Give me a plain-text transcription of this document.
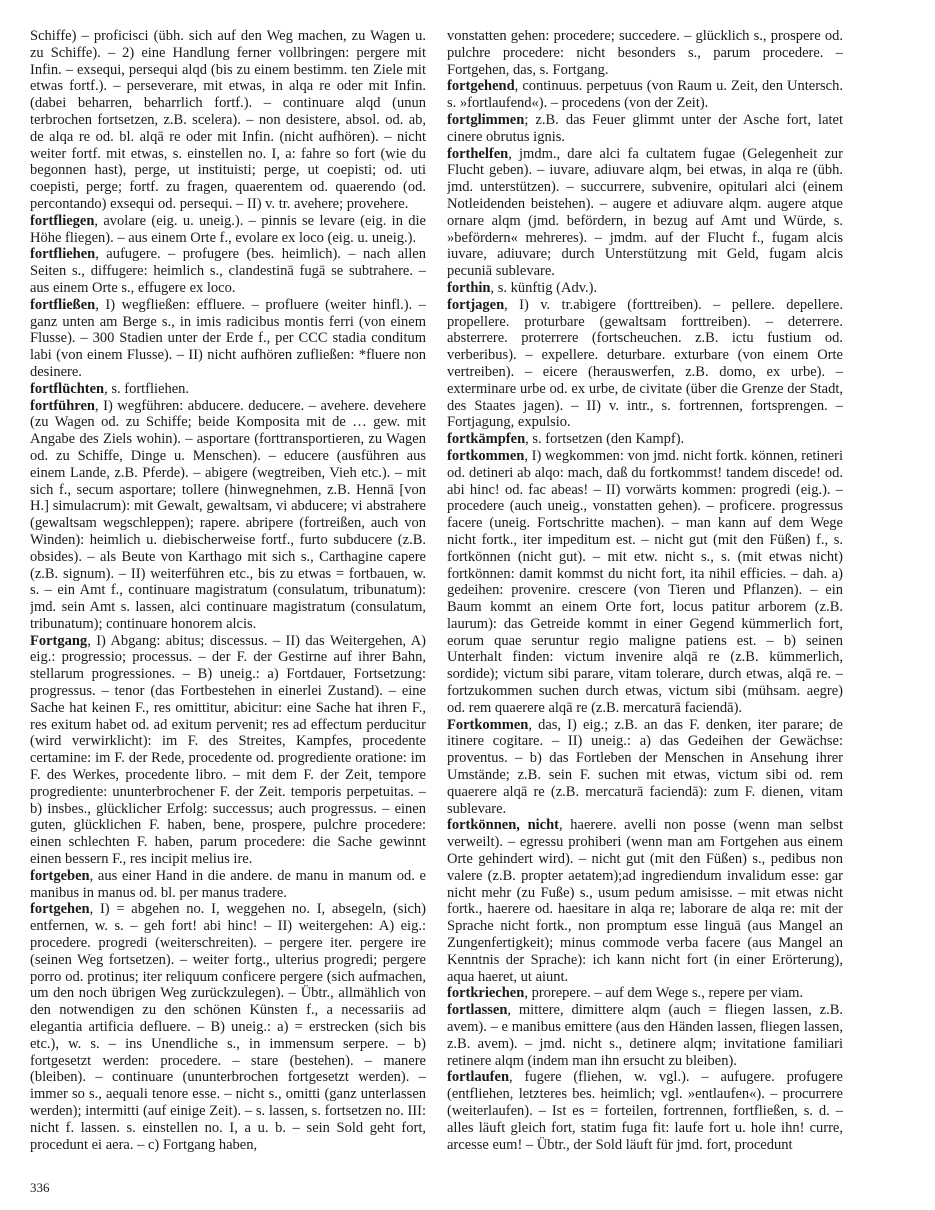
Schiffe) – proficisci (übh. sich auf den Weg machen, zu Wagen u. zu Schiffe). – 2) eine Handlung ferner vollbringen: pergere mit Infin. – exsequi, persequi alqd (bis zu einem bestimm. ten Ziele mit etwas fortf.). – perseverare, mit etwas, in alqa re oder mit Infin. (dabei beharren, beharrlich fortf.). – continuare alqd (unun terbrochen fortsetzen, z.B. scelera). – non desistere, absol. od. ab, de alqa re od. bl. alqā re oder mit Infin. (nicht aufhören). – nicht weiter fortf. mit etwas, s. einstellen no. I, a: fahre so fort (wie du begonnen hast), perge, ut instituisti; perge, ut coepisti; od. uti coepisti, perge; fortf. zu fragen, quaerentem od. quaerendo (od. percontando) exsequi od. persequi. – II) v. tr. avehere; provehere.

fortfliegen, avolare (eig. u. uneig.). – pinnis se levare (eig. in die Höhe fliegen). – aus einem Orte f., evolare ex loco (eig. u. uneig.).

fortfliehen, aufugere. – profugere (bes. heimlich). – nach allen Seiten s., diffugere: heimlich s., clandestinā fugā se subtrahere. – aus einem Orte s., effugere ex loco.

fortfließen, I) wegfließen: effluere. – profluere (weiter hinfl.). – ganz unten am Berge s., in imis radicibus montis ferri (von einem Flusse). – 300 Stadien unter der Erde f., per CCC stadia conditum labi (von einem Flusse). – II) nicht aufhören zufließen: *fluere non desinere.

fortflüchten, s. fortfliehen.

fortführen, I) wegführen: abducere. deducere. – avehere. devehere (zu Wagen od. zu Schiffe; beide Komposita mit de … gew. mit Angabe des Ziels wohin). – asportare (forttransportieren, zu Wagen od. zu Schiffe, Dinge u. Menschen). – educere (ausführen aus einem Lande, z.B. Pferde). – abigere (wegtreiben, Vieh etc.). – mit sich f., secum asportare; tollere (hinwegnehmen, z.B. Hennā [von H.] simulacrum): mit Gewalt, gewaltsam, vi abducere; vi abstrahere (gewaltsam wegschleppen); rapere. abripere (fortreißen, auch von Winden): heimlich u. diebischerweise fortf., furto subducere (z.B. obsides). – als Beute von Karthago mit sich s., Carthagine capere (z.B. signum). – II) weiterführen etc., bis zu etwas = fortbauen, w. s. – ein Amt f., continuare magistratum (consulatum, tribunatum): jmd. sein Amt s. lassen, alci continuare magistratum (consulatum, tribunatum); continuare honorem alcis.

Fortgang, I) Abgang: abitus; discessus. – II) das Weitergehen, A) eig.: progressio; processus. – der F. der Gestirne auf ihrer Bahn, stellarum progressiones. – B) uneig.: a) Fortdauer, Fortsetzung: progressus. – tenor (das Fortbestehen in einerlei Zustand). – eine Sache hat keinen F., res omittitur, abicitur: eine Sache hat ihren F., res exitum habet od. ad exitum pervenit; res ad effectum perducitur (wird verwirklicht): im F. des Streites, Kampfes, procedente certamine: im F. der Rede, procedente od. progrediente oratione: im F. des Werkes, procedente libro. – mit dem F. der Zeit, tempore progrediente: ununterbrochener F. der Zeit. temporis perpetuitas. – b) insbes., glücklicher Erfolg: successus; auch progressus. – einen guten, glücklichen F. haben, bene, prospere, pulchre procedere: einen schlechten F. haben, parum procedere: die Sache gewinnt einen bessern F., res incipit melius ire.

fortgeben, aus einer Hand in die andere. de manu in manum od. e manibus in manus od. bl. per manus tradere.

fortgehen, I) = abgehen no. I, weggehen no. I, absegeln, (sich) entfernen, w. s. – geh fort! abi hinc! – II) weitergehen: A) eig.: procedere. progredi (weiterschreiten). – pergere iter. pergere ire (seinen Weg fortsetzen). – weiter fortg., ulterius progredi; pergere porro od. protinus; iter reliquum conficere pergere (sich aufmachen, um den noch übrigen Weg zurückzulegen). – Übtr., allmählich von den notwendigen zu den schönen Künsten f., a necessariis ad elegantia artificia defluere. – B) uneig.: a) = erstrecken (sich bis etc.), w. s. – ins Unendliche s., in immensum serpere. – b) fortgesetzt werden: procedere. – stare (bestehen). – manere (bleiben). – continuare (ununterbrochen fortgesetzt werden). – immer so s., aequali tenore esse. – nicht s., omitti (ganz unterlassen werden); intermitti (auf einige Zeit). – s. lassen, s. fortsetzen no. III: nicht f. lassen. s. einstellen no. I, a u. b. – sein Sold geht fort, procedunt ei aera. – c) Fortgang haben,

vonstatten gehen: procedere; succedere. – glücklich s., prospere od. pulchre procedere: nicht besonders s., parum procedere. – Fortgehen, das, s. Fortgang.

fortgehend, continuus. perpetuus (von Raum u. Zeit, den Untersch. s. »fortlaufend«). – procedens (von der Zeit).

fortglimmen; z.B. das Feuer glimmt unter der Asche fort, latet cinere obrutus ignis.

forthelfen, jmdm., dare alci fa cultatem fugae (Gelegenheit zur Flucht geben). – iuvare, adiuvare alqm, bei etwas, in alqa re (übh. jmd. unterstützen). – succurrere, subvenire, opitulari alci (einem Notleidenden beistehen). – augere et adiuvare alqm. augere atque ornare alqm (jmd. befördern, in bezug auf Amt und Würde, s. »befördern« mehreres). – jmdm. auf der Flucht f., fugam alcis iuvare, adiuvare; durch Unterstützung mit Geld, fugam alcis pecuniā sublevare.

forthin, s. künftig (Adv.).

fortjagen, I) v. tr.abigere (forttreiben). – pellere. depellere. propellere. proturbare (gewaltsam forttreiben). – deterrere. absterrere. proterrere (fortscheuchen. z.B. ictu fustium od. verberibus). – expellere. deturbare. exturbare (von einem Orte vertreiben). – eicere (herauswerfen, z.B. domo, ex urbe). – exterminare urbe od. ex urbe, de civitate (über die Grenze der Stadt, des Staates jagen). – II) v. intr., s. fortrennen, fortsprengen. – Fortjagung, expulsio.

fortkämpfen, s. fortsetzen (den Kampf).

fortkommen, I) wegkommen: von jmd. nicht fortk. können, retineri od. detineri ab alqo: mach, daß du fortkommst! tandem discede! od. abi hinc! od. fac abeas! – II) vorwärts kommen: progredi (eig.). – procedere (auch uneig., vonstatten gehen). – proficere. progressus facere (uneig. Fortschritte machen). – man kann auf dem Wege nicht fortk., iter impeditum est. – nicht gut (mit den Füßen) f., s. fortkönnen (nicht gut). – mit etw. nicht s., s. (mit etwas nicht) fortkönnen: damit kommst du nicht fort, ita nihil efficies. – dah. a) gedeihen: provenire. crescere (von Tieren und Pflanzen). – ein Baum kommt an einem Orte fort, locus patitur arborem (z.B. laurum): das Getreide kommt in einer Gegend kümmerlich fort, eorum quae seruntur regio maligne patiens est. – b) seinen Unterhalt finden: victum invenire alqā re (z.B. kümmerlich, sordide); victum sibi parare, vitam tolerare, durch etwas, alqā re. – fortzukommen suchen durch etwas, victum sibi (mühsam. aegre) od. rem quaerere alqā re (z.B. mercaturā faciendā).

Fortkommen, das, I) eig.; z.B. an das F. denken, iter parare; de itinere cogitare. – II) uneig.: a) das Gedeihen der Gewächse: proventus. – b) das Fortleben der Menschen in Ansehung ihrer Umstände; z.B. sein F. suchen mit etwas, victum sibi od. rem quaerere alqā re (z.B. mercaturā faciendā): zum F. dienen, vitam sublevare.

fortkönnen, nicht, haerere. avelli non posse (wenn man selbst verweilt). – egressu prohiberi (wenn man am Fortgehen aus einem Orte gehindert wird). – nicht gut (mit den Füßen) s., pedibus non valere (z.B. propter aetatem);ad ingrediendum invalidum esse: gar nicht mehr (zu Fuße) s., usum pedum amisisse. – mit etwas nicht fortk., haerere od. haesitare in alqa re; laborare de alqa re: mit der Sprache nicht fortk., non promptum esse linguā (aus Mangel an Zungenfertigkeit); minus commode verba facere (aus Mangel an Kenntnis der Sprache): ich kann nicht fort (in einer Erörterung), aqua haeret, ut aiunt.

fortkriechen, prorepere. – auf dem Wege s., repere per viam.

fortlassen, mittere, dimittere alqm (auch = fliegen lassen, z.B. avem). – e manibus emittere (aus den Händen lassen, fliegen lassen, z.B. avem). – jmd. nicht s., detinere alqm; invitatione familiari retinere alqm (indem man ihn ersucht zu bleiben).

fortlaufen, fugere (fliehen, w. vgl.). – aufugere. profugere (entfliehen, letzteres bes. heimlich; vgl. »entlaufen«). – procurrere (weiterlaufen). – Ist es = forteilen, fortrennen, fortfließen, s. d. – alles läuft gleich fort, statim fuga fit: laufe fort u. hole ihn! curre, arcesse eum! – Übtr., der Sold läuft für jmd. fort, procedunt

336
